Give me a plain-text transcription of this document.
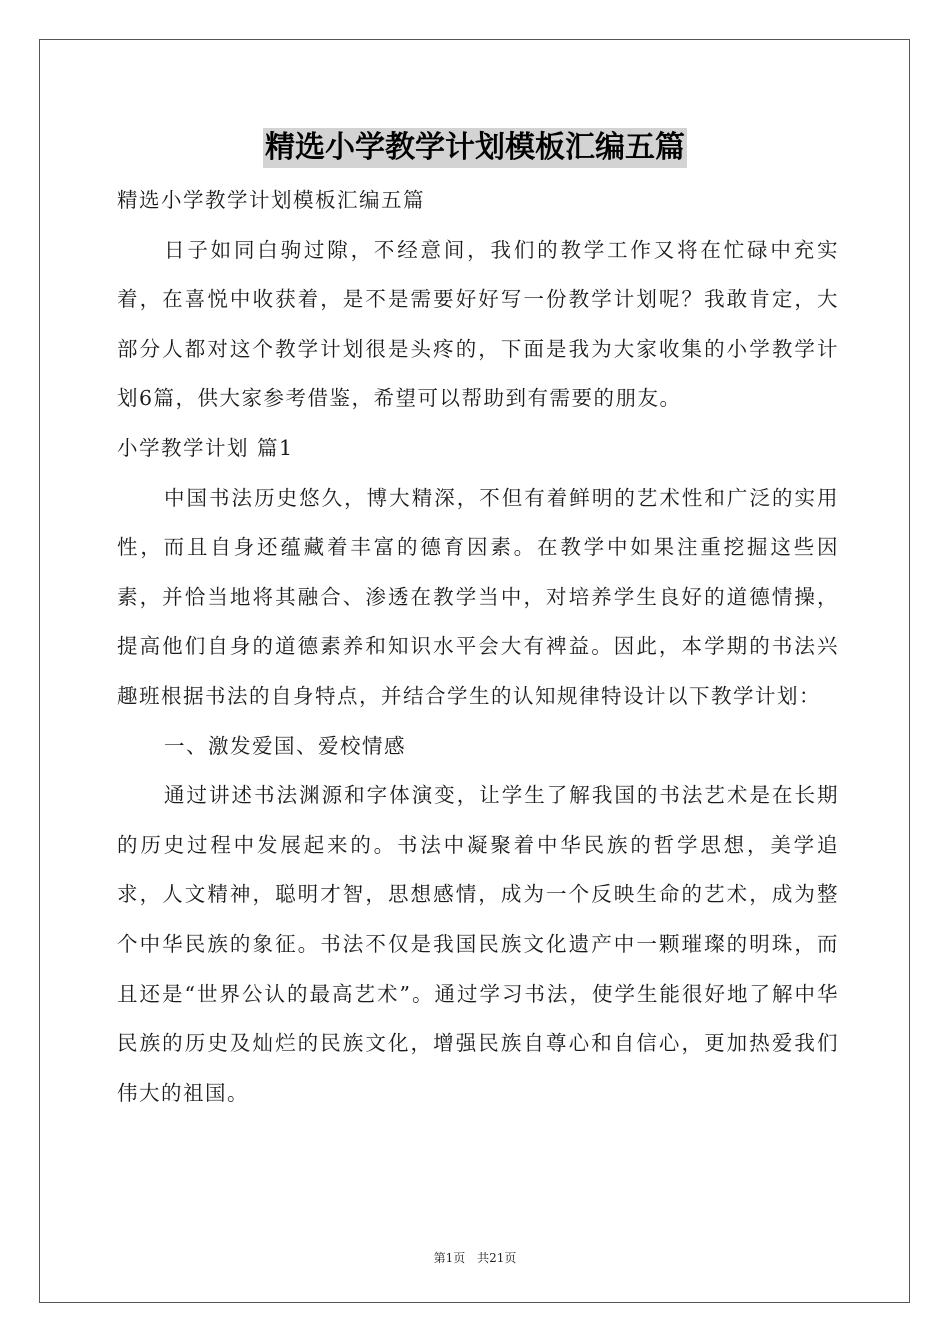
精选小学教学计划模板汇编五篇

精选小学教学计划模板汇编五篇

日子如同白驹过隙，不经意间，我们的教学工作又将在忙碌中充实着，在喜悦中收获着，是不是需要好好写一份教学计划呢？我敢肯定，大部分人都对这个教学计划很是头疼的，下面是我为大家收集的小学教学计划6篇，供大家参考借鉴，希望可以帮助到有需要的朋友。

小学教学计划 篇1

中国书法历史悠久，博大精深，不但有着鲜明的艺术性和广泛的实用性，而且自身还蕴藏着丰富的德育因素。在教学中如果注重挖掘这些因素，并恰当地将其融合、渗透在教学当中，对培养学生良好的道德情操，提高他们自身的道德素养和知识水平会大有裨益。因此，本学期的书法兴趣班根据书法的自身特点，并结合学生的认知规律特设计以下教学计划：

一、激发爱国、爱校情感

通过讲述书法渊源和字体演变，让学生了解我国的书法艺术是在长期的历史过程中发展起来的。书法中凝聚着中华民族的哲学思想，美学追求，人文精神，聪明才智，思想感情，成为一个反映生命的艺术，成为整个中华民族的象征。书法不仅是我国民族文化遗产中一颗璀璨的明珠，而且还是“世界公认的最高艺术”。通过学习书法，使学生能很好地了解中华民族的历史及灿烂的民族文化，增强民族自尊心和自信心，更加热爱我们伟大的祖国。

第1页 共21页
